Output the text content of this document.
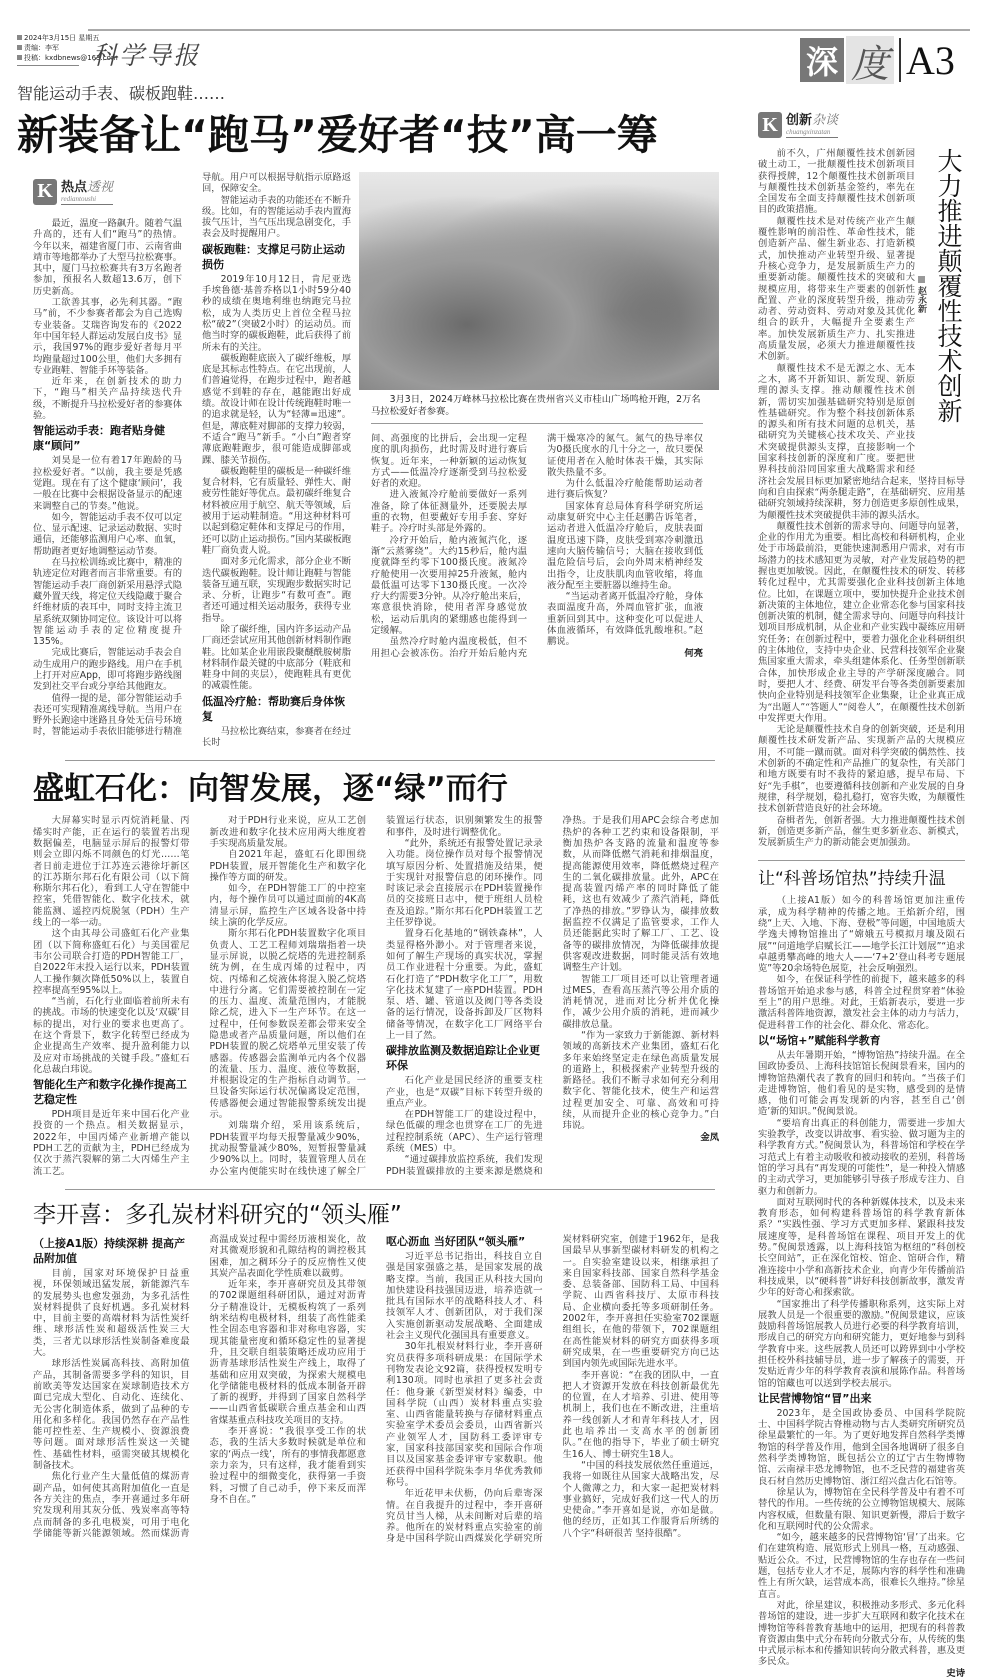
2024年3月15日 星期五
责编：李军
投稿：kxdbnews@163.com
科学导报	深 度 A3
智能运动手表、碳板跑鞋……
新装备让“跑马”爱好者“技”高一筹
K 热点透视
rediantoushi

最近，温度一路飙升。随着气温升高的，还有人们“跑马”的热情。今年以来，福建省厦门市、云南省曲靖市等地都举办了大型马拉松赛事。其中，厦门马拉松赛共有3万名跑者参加，预报名人数超13.6万，创下历史新高。

工欲善其事，必先利其器。“跑马”前，不少参赛者都会为自己选购专业装备。艾瑞咨询发布的《2022年中国年轻人群运动发展白皮书》显示，我国97%的跑步爱好者每月平均跑量超过100公里，他们大多拥有专业跑鞋、智能手环等装备。

近年来，在创新技术的助力下，“跑马”相关产品持续迭代升级，不断提升马拉松爱好者的参赛体验。

智能运动手表：跑者贴身健康“顾问”

刘昊是一位有着17年跑龄的马拉松爱好者。“以前，我主要是凭感觉跑。现在有了这个健康‘顾问’，我一般在比赛中会根据设备显示的配速来调整自己的节奏。”他说。

如今，智能运动手表不仅可以定位、显示配速、记录运动数据、实时通信，还能够监测用户心率、血氧，帮助跑者更好地调整运动节奏。

在马拉松训练或比赛中，精准的轨迹定位对跑者而言非常重要。有的智能运动手表厂商创新采用悬浮式隐藏外置天线，将定位天线隐藏于聚合纤维材质的表耳中，同时支持主流卫星系统双频协同定位。该设计可以将智能运动手表的定位精度提升135%。

完成比赛后，智能运动手表会自动生成用户的跑步路线。用户在手机上打开对应App，即可将跑步路线图发到社交平台或分享给其他跑友。

值得一提的是，部分智能运动手表还可实现精准离线导航。当用户在野外长跑途中迷路且身处无信号环境时，智能运动手表依旧能够进行精准导航。用户可以根据导航指示原路返回，保障安全。

智能运动手表的功能还在不断升级。比如，有的智能运动手表内置海拔气压计，当气压出现急剧变化，手表会及时提醒用户。

碳板跑鞋：支撑足弓防止运动损伤

2019年10月12日，肯尼亚选手埃鲁德·基普乔格以1小时59分40秒的成绩在奥地利维也纳跑完马拉松，成为人类历史上首位全程马拉松“破2”（突破2小时）的运动员。而他当时穿的碳板跑鞋，此后获得了前所未有的关注。

碳板跑鞋底嵌入了碳纤维板，厚底是其标志性特点。在它出现前，人们普遍觉得，在跑步过程中，跑者越感觉不到鞋的存在，越能跑出好成绩。故设计师在设计传统跑鞋时唯一的追求就是轻，认为“轻薄=迅速”。但是，薄底鞋对脚部的支撑力较弱，不适合“跑马”新手。“小白”跑者穿薄底跑鞋跑步，很可能造成脚部或踝、膝关节损伤。

碳板跑鞋里的碳板是一种碳纤维复合材料，它有质量轻、弹性大、耐疲劳性能好等优点。最初碳纤维复合材料被应用于航空、航天等领域，后被用于运动鞋制造。“用这种材料可以起到稳定鞋体和支撑足弓的作用，还可以防止运动损伤。”国内某碳板跑鞋厂商负责人说。

面对多元化需求，部分企业不断迭代碳板跑鞋。设计师让跑鞋与智能装备互通互联，实现跑步数据实时记录、分析，让跑步“有数可查”。跑者还可通过相关运动服务，获得专业指导。

除了碳纤维，国内许多运动产品厂商还尝试应用其他创新材料制作跑鞋。比如某企业用嵌段聚醚酰胺树脂材料制作最关键的中底部分（鞋底和鞋身中间的夹层），使跑鞋具有更优的减震性能。

低温冷疗舱：帮助赛后身体恢复

马拉松比赛结束，参赛者在经过长时

3月3日，2024万峰林马拉松比赛在贵州省兴义市桂山广场鸣枪开跑，2万名马拉松爱好者参赛。

间、高强度的比拼后，会出现一定程度的肌肉损伤，此时需及时进行赛后恢复。近年来，一种新颖的运动恢复方式——低温冷疗逐渐受到马拉松爱好者的欢迎。

进入液氮冷疗舱前要做好一系列准备，除了体征测量外，还要脱去厚重的衣物，但要戴好专用手套、穿好鞋子。冷疗时头部是外露的。

冷疗开始后，舱内液氮汽化，逐渐“云蒸雾绕”。大约15秒后，舱内温度就降至约零下100摄氏度。液氮冷疗舱使用一次要用掉25升液氮，舱内最低温可达零下130摄氏度。一次冷疗大约需要3分钟。从冷疗舱出来后，寒意很快消除，使用者浑身感觉放松，运动后肌肉的紧绷感也能得到一定缓解。

虽然冷疗时舱内温度极低，但不用担心会被冻伤。治疗开始后舱内充满干燥寒冷的氮气。氮气的热导率仅为0摄氏度水的几十分之一，故只要保证使用者在入舱时体表干燥，其实际散失热量不多。

为什么低温冷疗舱能帮助运动者进行赛后恢复？

国家体育总局体育科学研究所运动康复研究中心主任赵鹏告诉笔者，运动者进入低温冷疗舱后，皮肤表面温度迅速下降，皮肤受到寒冷刺激迅速向大脑传输信号；大脑在接收到低温危险信号后，会向外周末梢神经发出指令，让皮肤肌肉血管收缩，将血液分配至主要脏器以维持生命。

“当运动者离开低温冷疗舱，身体表面温度升高，外周血管扩张，血液重新回到其中。这种变化可以促进人体血液循环，有效降低乳酸堆积。”赵鹏说。

何亮

盛虹石化：向智发展，逐“绿”而行

大屏幕实时显示丙烷消耗量、丙烯实时产能，正在运行的装置若出现数据偏差，电脑显示屏后的报警灯带则会立即闪烁不同颜色的灯光……笔者日前走进位于江苏连云港徐圩新区的江苏斯尔邦石化有限公司（以下简称斯尔邦石化），看到工人守在智能中控室，凭借智能化、数字化技术，就能监测、遥控丙烷脱氢（PDH）生产线上的一举一动。

这个由其母公司盛虹石化产业集团（以下简称盛虹石化）与美国霍尼韦尔公司联合打造的PDH智能工厂，自2022年末投入运行以来，PDH装置人工操作频次降低50%以上，装置自控率提高至95%以上。

“当前，石化行业面临着前所未有的挑战。市场的快速变化以及‘双碳’目标的提出，对行业的要求也更高了。在这个背景下，数字化转型已经成为企业提高生产效率、提升盈利能力以及应对市场挑战的关键手段。”盛虹石化总裁白玮说。

智能化生产和数字化操作提高工艺稳定性

PDH项目是近年来中国石化产业投资的一个热点。相关数据显示，2022年，中国丙烯产业新增产能以PDH工艺的贡献为主，PDH已经成为仅次于蒸汽裂解的第二大丙烯生产主流工艺。

对于PDH行业来说，应从工艺创新改进和数字化技术应用两大维度着手实现高质量发展。

自2021年起，盛虹石化即围绕PDH装置，展开智能化生产和数字化操作等方面的研发。

如今，在PDH智能工厂的中控室内，每个操作员可以通过面前的4K高清显示屏，监控生产区域各设备中持续上演的化学反应。

斯尔邦石化PDH装置数字化项目负责人、工艺工程师刘瑞瑞指着一块显示屏说，以脱乙烷塔的先进控制系统为例，在生成丙烯的过程中，丙烷、丙烯和乙烷液体将混入脱乙烷塔中进行分离。它们需要被控制在一定的压力、温度、流量范围内，才能脱除乙烷，进入下一生产环节。在这一过程中，任何参数误差都会带来安全隐患或者产品质量问题，所以他们在PDH装置的脱乙烷塔单元里安装了传感器。传感器会监测单元内各个仪器的流量、压力、温度、液位等数据，并根据设定的生产指标自动调节。一旦设备实际运行状况偏离设定范围，传感器便会通过智能报警系统发出提示。

刘瑞瑞介绍，采用该系统后，PDH装置平均每天报警量减少90%，扰动报警量减少80%，短暂报警量减少90%以上。同时，装置管理人员在办公室内便能实时在线快速了解全厂装置运行状态，识别频繁发生的报警和事件，及时进行调整优化。

“此外，系统还有报警处置记录录入功能。岗位操作员对每个报警情况填写原因分析、处置措施及结果，便于实现针对报警信息的闭环操作。同时该记录会直接展示在PDH装置操作员的交接班日志中，便于班组人员检查及追踪。”斯尔邦石化PDH装置工艺主任罗铮说。

置身石化基地的“钢铁森林”，人类显得格外渺小。对于管理者来说，如何了解生产现场的真实状况，掌握员工作业进程十分重要。为此，盛虹石化打造了“PDH数字化工厂”，用数字化技术复建了一座PDH装置。PDH泵、塔、罐、管道以及阀门等各类设备的运行情况，设备拆卸及厂区物料储备等情况，在数字化工厂网络平台上一目了然。

碳排放监测及数据追踪让企业更环保

石化产业是国民经济的重要支柱产业，也是“双碳”目标下转型升级的重点产业。

在PDH智能工厂的建设过程中，绿色低碳的理念也贯穿在工厂的先进过程控制系统（APC）、生产运行管理系统（MES）中。

“通过碳排放监控系统，我们发现PDH装置碳排放的主要来源是燃烧和净热。于是我们用APC会综合考虑加热炉的各种工艺约束和设备限制，平衡加热炉各支路的流量和温度等参数，从而降低燃气消耗和排烟温度，提高能源使用效率，降低燃烧过程产生的二氧化碳排放量。此外，APC在提高装置丙烯产率的同时降低了能耗，这也有效减少了蒸汽消耗，降低了净热的排放。”罗铮认为，碳排放数据监控不仅满足了监管要求，工作人员还能据此实时了解工厂、工艺、设备等的碳排放情况，为降低碳排放提供客观改进数据，同时能灵活有效地调整生产计划。

智能工厂项目还可以让管理者通过MES，查看高压蒸汽等公用介质的消耗情况，进而对比分析并优化操作，减少公用介质的消耗，进而减少碳排放总量。

“作为一家致力于新能源、新材料领域的高新技术产业集团，盛虹石化多年来始终坚定走在绿色高质量发展的道路上，积极探索产业转型升级的新路径。我们不断寻求如何充分利用数字化、智能化技术，使生产和运营过程更加安全、可靠、高效和可持续，从而提升企业的核心竞争力。”白玮说。

金凤

李开喜：多孔炭材料研究的“领头雁”
（上接A1版）持续深耕 提高产品附加值

目前，国家对环境保护日益重视，环保领域迅猛发展，新能源汽车的发展势头也愈发强劲，为多孔活性炭材料提供了良好机遇。多孔炭材料中，目前主要的高端材料为活性炭纤维、球形活性炭和超级活性炭三大类，三者尤以球形活性炭制备难度最大。

球形活性炭属高科技、高附加值产品，其制备需要多学科的知识，目前欧美等发达国家在炭球制造技术方面已完成大型化、自动化、连续化、无公害化制造体系，做到了品种的专用化和多样化。我国仍然存在产品性能可控性差、生产规模小、资源浪费等问题。面对球形活性炭这一关键性、基础性材料，亟需突破其规模化制备技术。

焦化行业产生大量低值的煤沥青副产品，如何使其高附加值化一直是各方关注的焦点，李开喜通过多年研究发现利用其灰分低、残炭率高等特点而制备的多孔电极炭，可用于电化学储能等新兴能源领域。然而煤沥青高温成炭过程中需经历液相炭化，故对其微观形貌和孔隙结构的调控极其困难，加之稠环分子的反应惰性又使其炭产品表面化学性质难以裁剪。

近年来，李开喜研究员及其带领的702课题组科研团队，通过对沥青分子精准设计，无模板构筑了一系列纳米结构电极材料，组装了高性能柔性全固态电容器和非对称电容器，实现其能量密度和循环稳定性的显著提升，且交联自组装策略还成功应用于沥青基球形活性炭生产线上，取得了基础和应用双突破，为探索大规模电化学储能电极材料的低成本制备开辟了新的视野，并得到了国家自然科学——山西省低碳联合重点基金和山西省煤基重点科技攻关项目的支持。

李开喜说：“我很享受工作的状态，我的生活大多数时候就是单位和家的‘两点一线’，所有的事情我都愿意亲力亲为，只有这样，我才能看到实验过程中的细微变化，获得第一手资料，习惯了自己动手，停下来反而浑身不自在。”

呕心沥血 当好团队“领头雁”

习近平总书记指出，科技自立自强是国家强盛之基，是国家发展的战略支撑。当前，我国正从科技大国向加快建设科技强国迈进，培养造就一批具有国际水平的战略科技人才、科技领军人才、创新团队，对于我们深入实施创新驱动发展战略、全面建成社会主义现代化强国具有重要意义。

30年扎根炭材料行业，李开喜研究员获得多项科研成果：在国际学术刊物发表论文92篇，获得授权发明专利130项。同时也承担了更多社会责任：他身兼《新型炭材料》编委，中国科学院（山西）炭材料重点实验室、山西省能量转换与存储材料重点实验室学术委员会委员，山西省新兴产业领军人才，国防科工委评审专家，国家科技部国家奖和国际合作项目以及国家基金委评审专家数职。他还获得中国科学院朱李月华优秀教师称号。

年近花甲未伏枥，仍向后辈寄深情。在自我提升的过程中，李开喜研究员甘当人梯，从未间断对后辈的培养。他所在的炭材料重点实验室的前身是中国科学院山西煤炭化学研究所炭材料研究室，创建于1962年，是我国最早从事新型碳材料研发的机构之一。自实验室建设以来，相继承担了来自国家科技部、国家自然科学基金委、总装备部、国防科工局、中国科学院、山西省科技厅、太原市科技局、企业横向委托等多项研制任务。2002年，李开喜担任实验室702课题组组长，在他的带领下，702课题组在高性能炭材料的研究方面获得多项研究成果，在一些重要研究方向已达到国内领先或国际先进水平。

李开喜说：“在我的团队中，一直把人才资源开发放在科技创新最优先的位置，在人才培养、引进、使用等机制上，我们也在不断改进，注重培养一线创新人才和青年科技人才，因此也培养出一支高水平的创新团队。”在他的指导下，毕业了硕士研究生16人、博士研究生18人。

“中国的科技发展依然任重道远，我将一如既往从国家大战略出发，尽个人微薄之力，和大家一起把炭材料事业搞好，完成好我们这一代人的历史使命。”李开喜如是说，亦如是做。他的经历，正如其工作服背后所绣的八个字“科研很苦 坚持很酷”。

K 创新杂谈
chuangxinzatan
大力推进颠覆性技术创新
赵永新

前不久，广州颠覆性技术创新园破土动工，一批颠覆性技术创新项目获得授牌，12个颠覆性技术创新项目与颠覆性技术创新基金签约，率先在全国发布全面支持颠覆性技术创新项目的政策措施。

颠覆性技术是对传统产业产生颠覆性影响的前沿性、革命性技术，能创造新产品、催生新业态、打造新模式，加快推动产业转型升级、显著提升核心竞争力，是发展新质生产力的重要新动能。颠覆性技术的突破和大规模应用，将带来生产要素的创新性配置、产业的深度转型升级，推动劳动者、劳动资料、劳动对象及其优化组合的跃升，大幅提升全要素生产率。加快发展新质生产力、扎实推进高质量发展，必须大力推进颠覆性技术创新。

颠覆性技术不是无源之水、无本之木，离不开新知识、新发现、新原理的源头支撑。推动颠覆性技术创新，需切实加强基础研究特别是原创性基础研究。作为整个科技创新体系的源头和所有技术问题的总机关，基础研究为关键核心技术攻关、产业技术突破提供源头支撑，直接影响一个国家科技创新的深度和广度。要把世界科技前沿同国家重大战略需求和经济社会发展目标更加紧密地结合起来，坚持目标导向和自由探索“两条腿走路”，在基础研究、应用基础研究领域持续深耕，努力创造更多原创性成果，为颠覆性技术突破提供丰沛的源头活水。

颠覆性技术创新的需求导向、问题导向显著，企业的作用尤为重要。相比高校和科研机构，企业处于市场最前沿，更能快速洞悉用户需求，对有市场潜力的技术感知更为灵敏，对产业发展趋势的把握也更加敏锐。因此，在颠覆性技术的研发、转移转化过程中，尤其需要强化企业科技创新主体地位。比如，在课题立项中，要加快提升企业技术创新决策的主体地位，建立企业常态化参与国家科技创新决策的机制，健全需求导向、问题导向科技计划项目形成机制，从企业和产业实践中凝练应用研究任务；在创新过程中，要着力强化企业科研组织的主体地位，支持中央企业、民营科技领军企业聚焦国家重大需求，牵头组建体系化、任务型创新联合体，加快形成企业主导的产学研深度融合。同时，要把人才、经费、研发平台等各类创新要素加快向企业特别是科技领军企业集聚，让企业真正成为“出题人”“答题人”“阅卷人”，在颠覆性技术创新中发挥更大作用。

无论是颠覆性技术自身的创新突破，还是利用颠覆性技术研发新产品、实现新产品的大规模应用，不可能一蹴而就。面对科学突破的偶然性、技术创新的不确定性和产品推广的复杂性，有关部门和地方既要有时不我待的紧迫感，提早布局、下好“先手棋”，也要遵循科技创新和产业发展的自身规律，科学规划，稳扎稳打，宽容失败，为颠覆性技术创新营造良好的社会环境。

奋楫者先，创新者强。大力推进颠覆性技术创新，创造更多新产品，催生更多新业态、新模式，发展新质生产力的新动能会更加强劲。

让“科普场馆热”持续升温

（上接A1版）如今的科普场馆更加注重传承，成为科学精神的传播之地。王焰新介绍，围绕“上天、入地、下海、登极”等问题，中国地质大学逸夫博物馆推出了“嫦娥五号模拟月壤及陨石展”“问道地学启赋长江——地学长江计划展”“追求卓越勇攀高峰的地大人——‘7+2’登山科考专题展览”等20余场特色展览，社会反响强烈。

如今，在保证科学性的前提下，越来越多的科普场馆开始追求参与感，科普全过程贯穿着“体验至上”的用户思维。对此，王焰新表示，要进一步激活科普阵地资源，激发社会主体的动力与活力，促进科普工作的社会化、群众化、常态化。

以“场馆+”赋能科学教育

从去年暑期开始，“博物馆热”持续升温。在全国政协委员、上海科技馆馆长倪闽景看来，国内的博物馆热潮代表了教育的回归和转向。“当孩子们走进博物馆，他们看见的是实物，感受到的是情感，他们可能会再发现新的内容，甚至自己‘创造’新的知识。”倪闽景说。

“要培育出真正的科创能力，需要进一步加大实验教学，改变以讲故事、看实验、做习题为主的科学教育方式。”倪闽景认为，科普场馆和学校在学习范式上有着主动吸收和被动接收的差别，科普场馆的学习具有“再发现的可能性”，是一种投入情感的主动式学习，更加能够引导孩子形成专注力、自驱力和创新力。

面对互联网时代的各种新媒体技术，以及未来教育形态，如何构建科普场馆的科学教育新体系？“实践性强、学习方式更加多样、紧跟科技发展速度等，是科普场馆在课程、项目开发上的优势。”倪闽景透露，以上海科技馆为枢纽的“科创校长空间站”，正在深化馆校、馆企、馆研合作，精准连接中小学和高新技术企业，向青少年传播前沿科技成果，以“硬科普”讲好科技创新故事，激发青少年的好奇心和探索欲。

“国家推出了科学传播职称系列，这实际上对展教人员是一个很重要的激励。”倪闽景建议，应该鼓励科普场馆展教人员进行必要的科学教育培训，形成自己的研究方向和研究能力，更好地参与到科学教育中来。这些展教人员还可以跨界到中小学校担任校外科技辅导员，进一步了解孩子的需要，开发贴近青少年的科学教育表演和展陈作品。科普场馆的馆藏也可以送到学校去展示。

让民营博物馆“冒”出来

2023年，是全国政协委员、中国科学院院士、中国科学院古脊椎动物与古人类研究所研究员徐星最繁忙的一年。为了更好地发挥自然科学类博物馆的科学普及作用，他到全国各地调研了很多自然科学类博物馆，既包括公立的辽宁古生物博物馆、云南禄丰恐龙博物馆，也不乏民营的福建省英良石材自然历史博物馆、浙江绍兴盘古化石馆等。

徐星认为，博物馆在全民科学普及中有着不可替代的作用。一些传统的公立博物馆规模大、展陈内容权威，但数量有限、知识更新慢，滞后于数字化和互联网时代的公众需求。

“如今，越来越多的民营博物馆‘冒’了出来。它们在建筑构造、展览形式上别具一格，互动感强、贴近公众。不过，民营博物馆的生存也存在一些问题，包括专业人才不足，展陈内容的科学性和准确性上有所欠缺，运营成本高，很难长久维持。”徐星直言。

对此，徐星建议，积极推动多形式、多元化科普场馆的建设，进一步扩大互联网和数字化技术在博物馆等科普教育基地中的运用，把现有的科普教育资源由集中式分布转向分散式分布，从传统的集中式展示标本和传播知识转向分散式科普，惠及更多民众。

史诗
